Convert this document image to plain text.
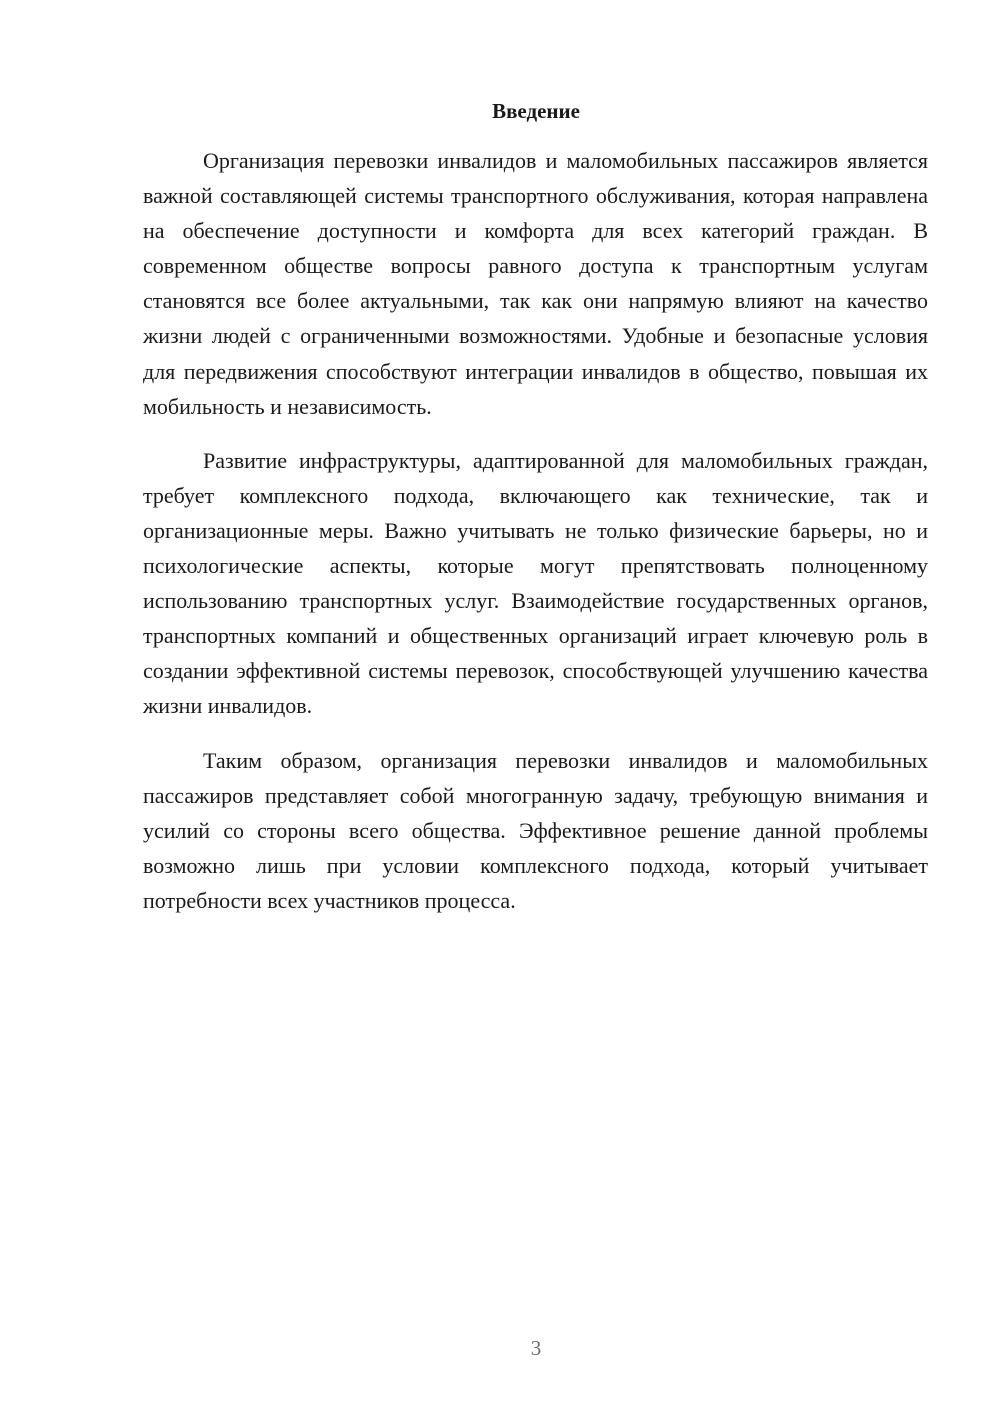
Введение

Организация перевозки инвалидов и маломобильных пассажиров является важной составляющей системы транспортного обслуживания, которая направлена на обеспечение доступности и комфорта для всех категорий граждан. В современном обществе вопросы равного доступа к транспортным услугам становятся все более актуальными, так как они напрямую влияют на качество жизни людей с ограниченными возможностями. Удобные и безопасные условия для передвижения способствуют интеграции инвалидов в общество, повышая их мобильность и независимость.

Развитие инфраструктуры, адаптированной для маломобильных граждан, требует комплексного подхода, включающего как технические, так и организационные меры. Важно учитывать не только физические барьеры, но и психологические аспекты, которые могут препятствовать полноценному использованию транспортных услуг. Взаимодействие государственных органов, транспортных компаний и общественных организаций играет ключевую роль в создании эффективной системы перевозок, способствующей улучшению качества жизни инвалидов.

Таким образом, организация перевозки инвалидов и маломобильных пассажиров представляет собой многогранную задачу, требующую внимания и усилий со стороны всего общества. Эффективное решение данной проблемы возможно лишь при условии комплексного подхода, который учитывает потребности всех участников процесса.

3
